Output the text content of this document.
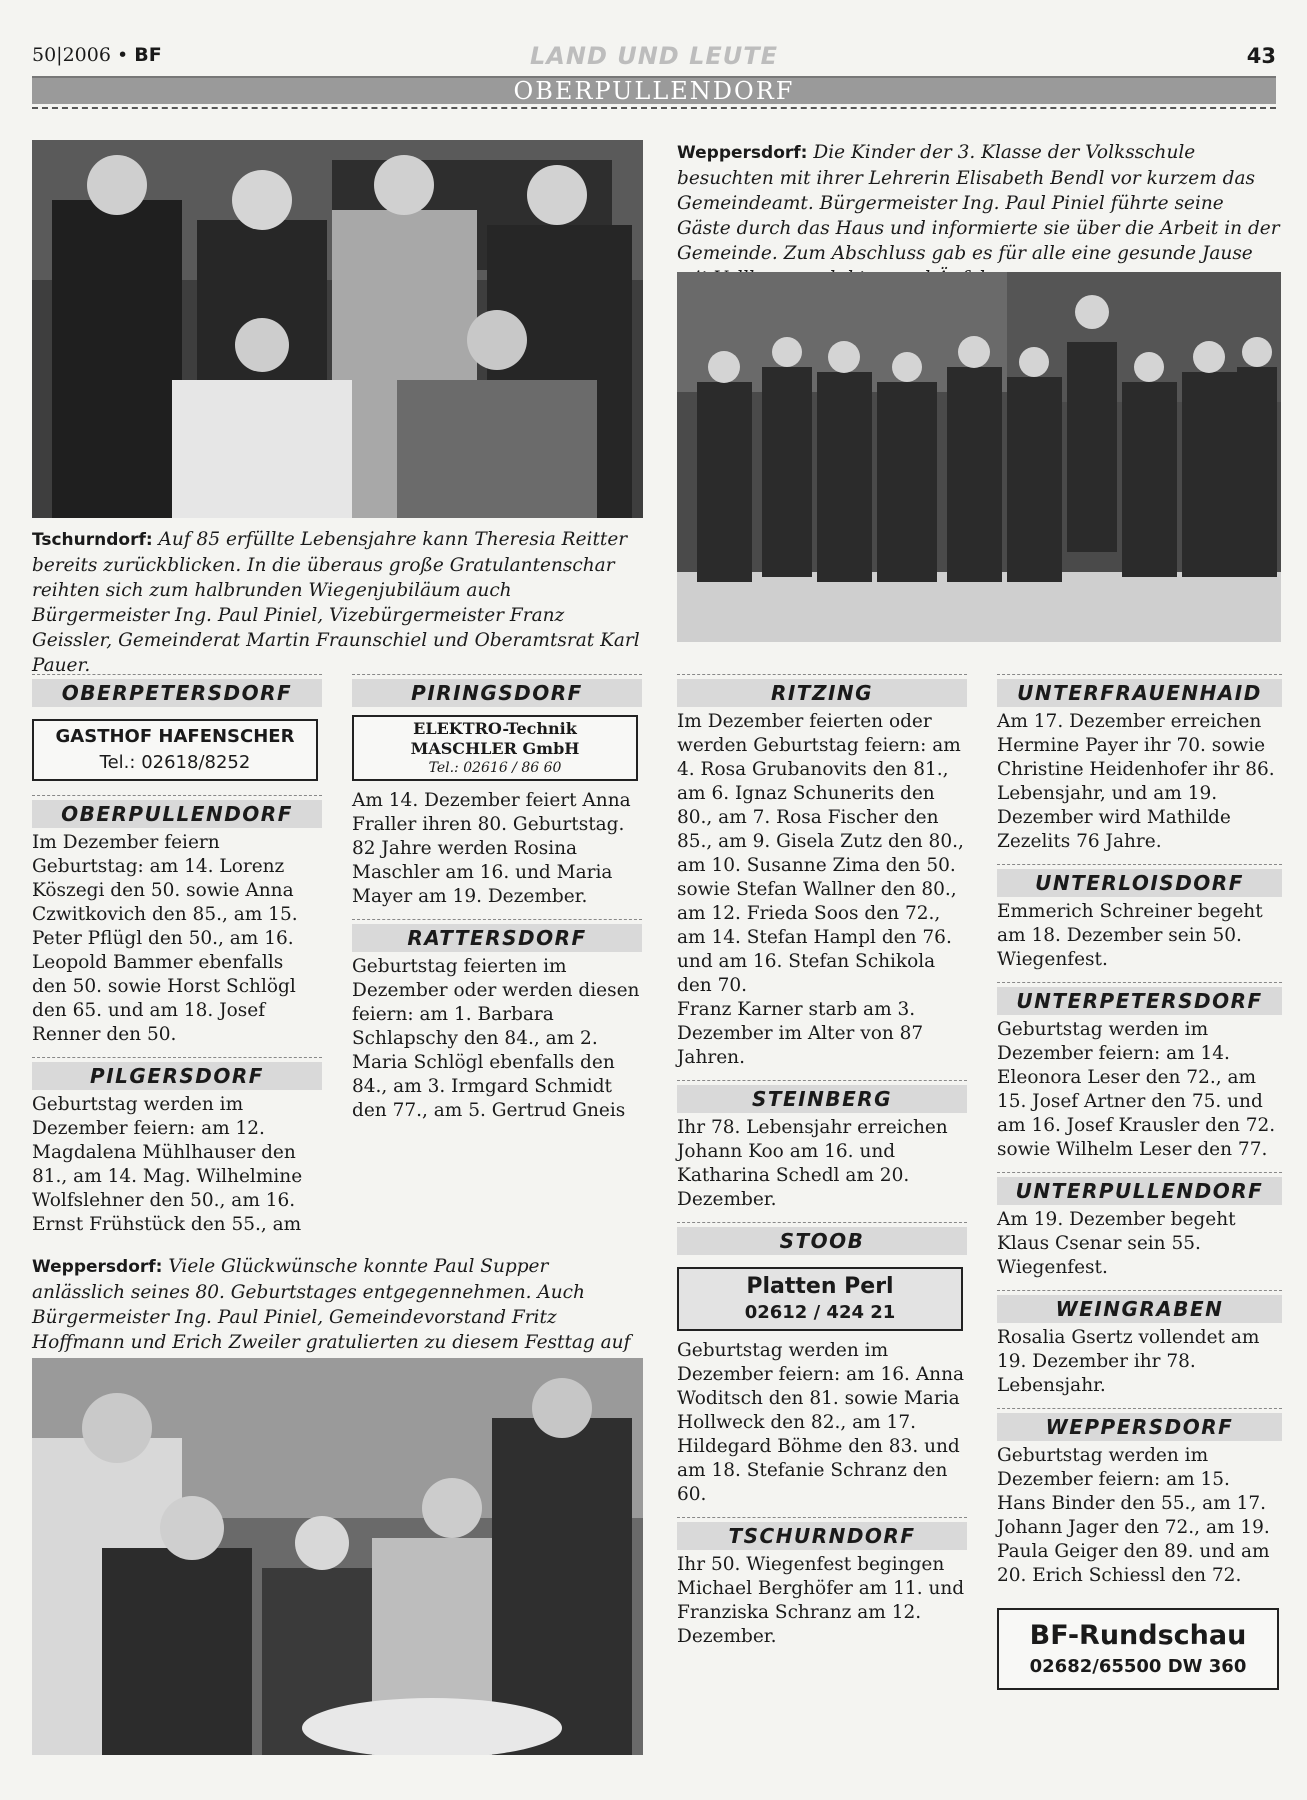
50|2006 • BF	LAND UND LEUTE	43
OBERPULLENDORF
Tschurndorf: Auf 85 erfüllte Lebensjahre kann Theresia Reitter bereits zurückblicken. In die überaus große Gratulantenschar reihten sich zum halbrunden Wiegenjubiläum auch Bürgermeister Ing. Paul Piniel, Vizebürgermeister Franz Geissler, Gemeinderat Martin Fraunschiel und Oberamtsrat Karl Pauer.
Weppersdorf: Die Kinder der 3. Klasse der Volksschule besuchten mit ihrer Lehrerin Elisabeth Bendl vor kurzem das Gemeindeamt. Bürgermeister Ing. Paul Piniel führte seine Gäste durch das Haus und informierte sie über die Arbeit in der Gemeinde. Zum Abschluss gab es für alle eine gesunde Jause
Weppersdorf: Viele Glückwünsche konnte Paul Supper anlässlich seines 80. Geburtstages entgegennehmen. Auch Bürgermeister Ing. Paul Piniel, Gemeindevorstand Fritz Hoffmann und Erich Zweiler gratulierten zu diesem Festtag auf
OBERPETERSDORF
GASTHOF HAFENSCHER
Tel.: 02618/8252
OBERPULLENDORF

Im Dezember feiern Geburtstag: am 14. Lorenz Köszegi den 50. sowie Anna Czwitkovich den 85., am 15. Peter Pflügl den 50., am 16. Leopold Bammer ebenfalls den 50. sowie Horst Schlögl den 65. und am 18. Josef Renner den 50.

PILGERSDORF

Geburtstag werden im Dezember feiern: am 12. Magdalena Mühlhauser den 81., am 14. Mag. Wilhelmine Wolfslehner den 50., am 16. Ernst Frühstück den 55., am

PIRINGSDORF
ELEKTRO-Technik
MASCHLER GmbH
Tel.: 02616 / 86 60

Am 14. Dezember feiert Anna Fraller ihren 80. Geburtstag. 82 Jahre werden Rosina Maschler am 16. und Maria Mayer am 19. Dezember.

RATTERSDORF

Geburtstag feierten im Dezember oder werden diesen feiern: am 1. Barbara Schlapschy den 84., am 2. Maria Schlögl ebenfalls den 84., am 3. Irmgard Schmidt den 77., am 5. Gertrud Gneis

RITZING

Im Dezember feierten oder werden Geburtstag feiern: am 4. Rosa Grubanovits den 81., am 6. Ignaz Schunerits den 80., am 7. Rosa Fischer den 85., am 9. Gisela Zutz den 80., am 10. Susanne Zima den 50. sowie Stefan Wallner den 80., am 12. Frieda Soos den 72., am 14. Stefan Hampl den 76. und am 16. Stefan Schikola den 70.

Franz Karner starb am 3. Dezember im Alter von 87 Jahren.

STEINBERG

Ihr 78. Lebensjahr erreichen Johann Koo am 16. und Katharina Schedl am 20. Dezember.

STOOB
Platten Perl
02612 / 424 21

Geburtstag werden im Dezember feiern: am 16. Anna Woditsch den 81. sowie Maria Hollweck den 82., am 17. Hildegard Böhme den 83. und am 18. Stefanie Schranz den 60.

TSCHURNDORF

Ihr 50. Wiegenfest begingen Michael Berghöfer am 11. und Franziska Schranz am 12. Dezember.

UNTERFRAUENHAID

Am 17. Dezember erreichen Hermine Payer ihr 70. sowie Christine Heidenhofer ihr 86. Lebensjahr, und am 19. Dezember wird Mathilde Zezelits 76 Jahre.

UNTERLOISDORF

Emmerich Schreiner begeht am 18. Dezember sein 50. Wiegenfest.

UNTERPETERSDORF

Geburtstag werden im Dezember feiern: am 14. Eleonora Leser den 72., am 15. Josef Artner den 75. und am 16. Josef Krausler den 72. sowie Wilhelm Leser den 77.

UNTERPULLENDORF

Am 19. Dezember begeht Klaus Csenar sein 55. Wiegenfest.

WEINGRABEN

Rosalia Gsertz vollendet am 19. Dezember ihr 78. Lebensjahr.

WEPPERSDORF

Geburtstag werden im Dezember feiern: am 15. Hans Binder den 55., am 17. Johann Jager den 72., am 19. Paula Geiger den 89. und am 20. Erich Schiessl den 72.

BF-Rundschau
02682/65500 DW 360
